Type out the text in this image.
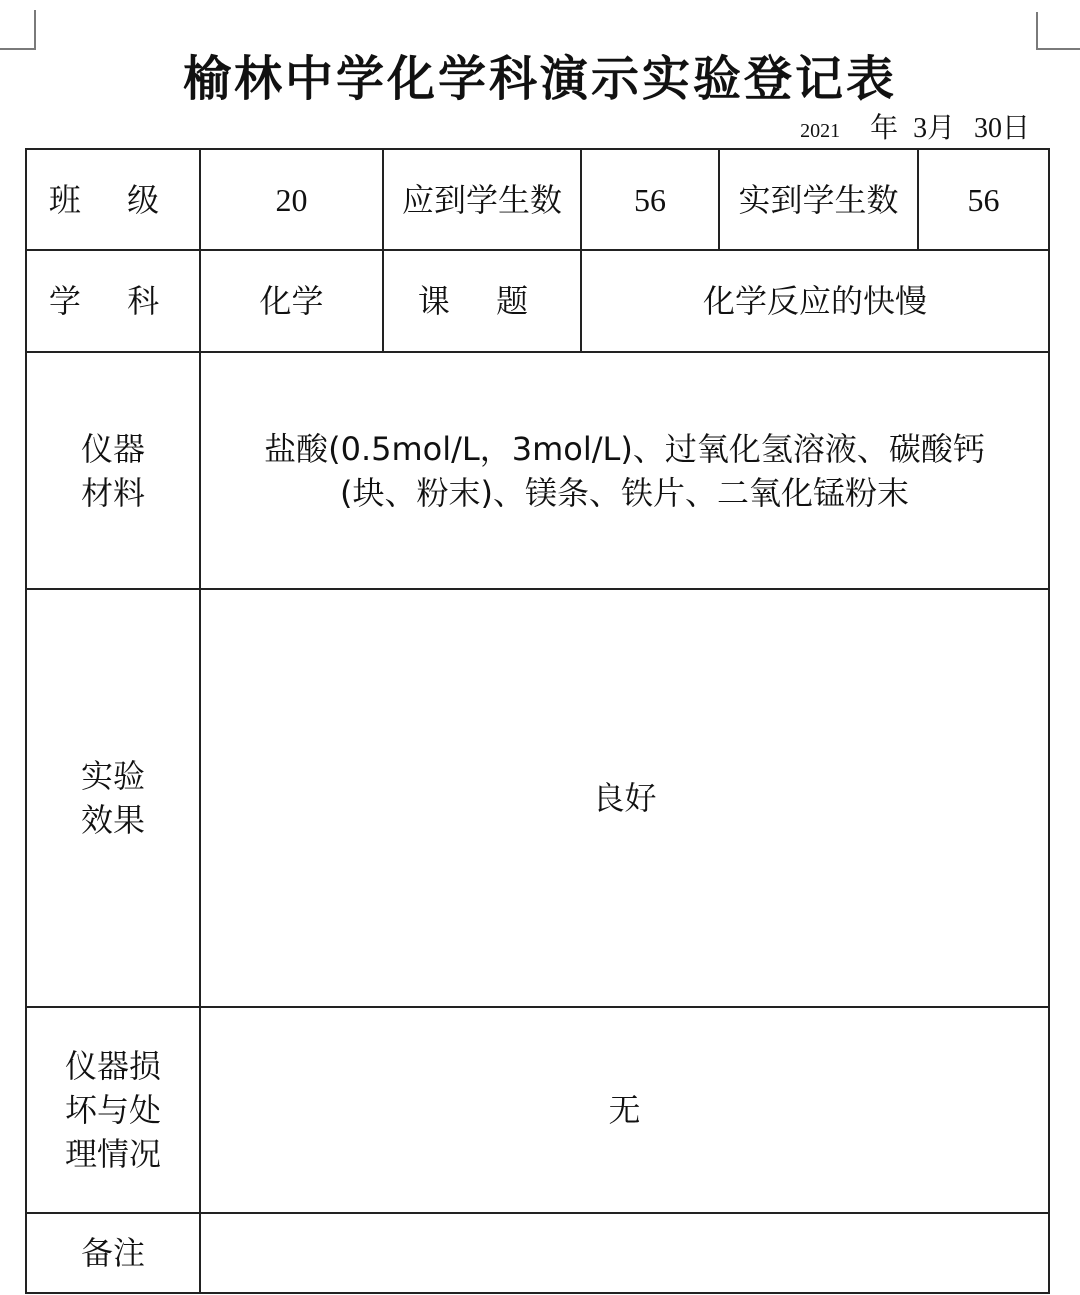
榆林中学化学科演示实验登记表
2021 年 3月 30日
班 级	20	应到学生数	56	实到学生数	56
学 科	化学	课 题	化学反应的快慢		

仪器
材料	盐酸(0.5mol/L，3mol/L)、过氧化氢溶液、碳酸钙
(块、粉末)、镁条、铁片、二氧化锰粉末				

实验
效果	良好				

仪器损
坏与处
理情况	无				
备注					
